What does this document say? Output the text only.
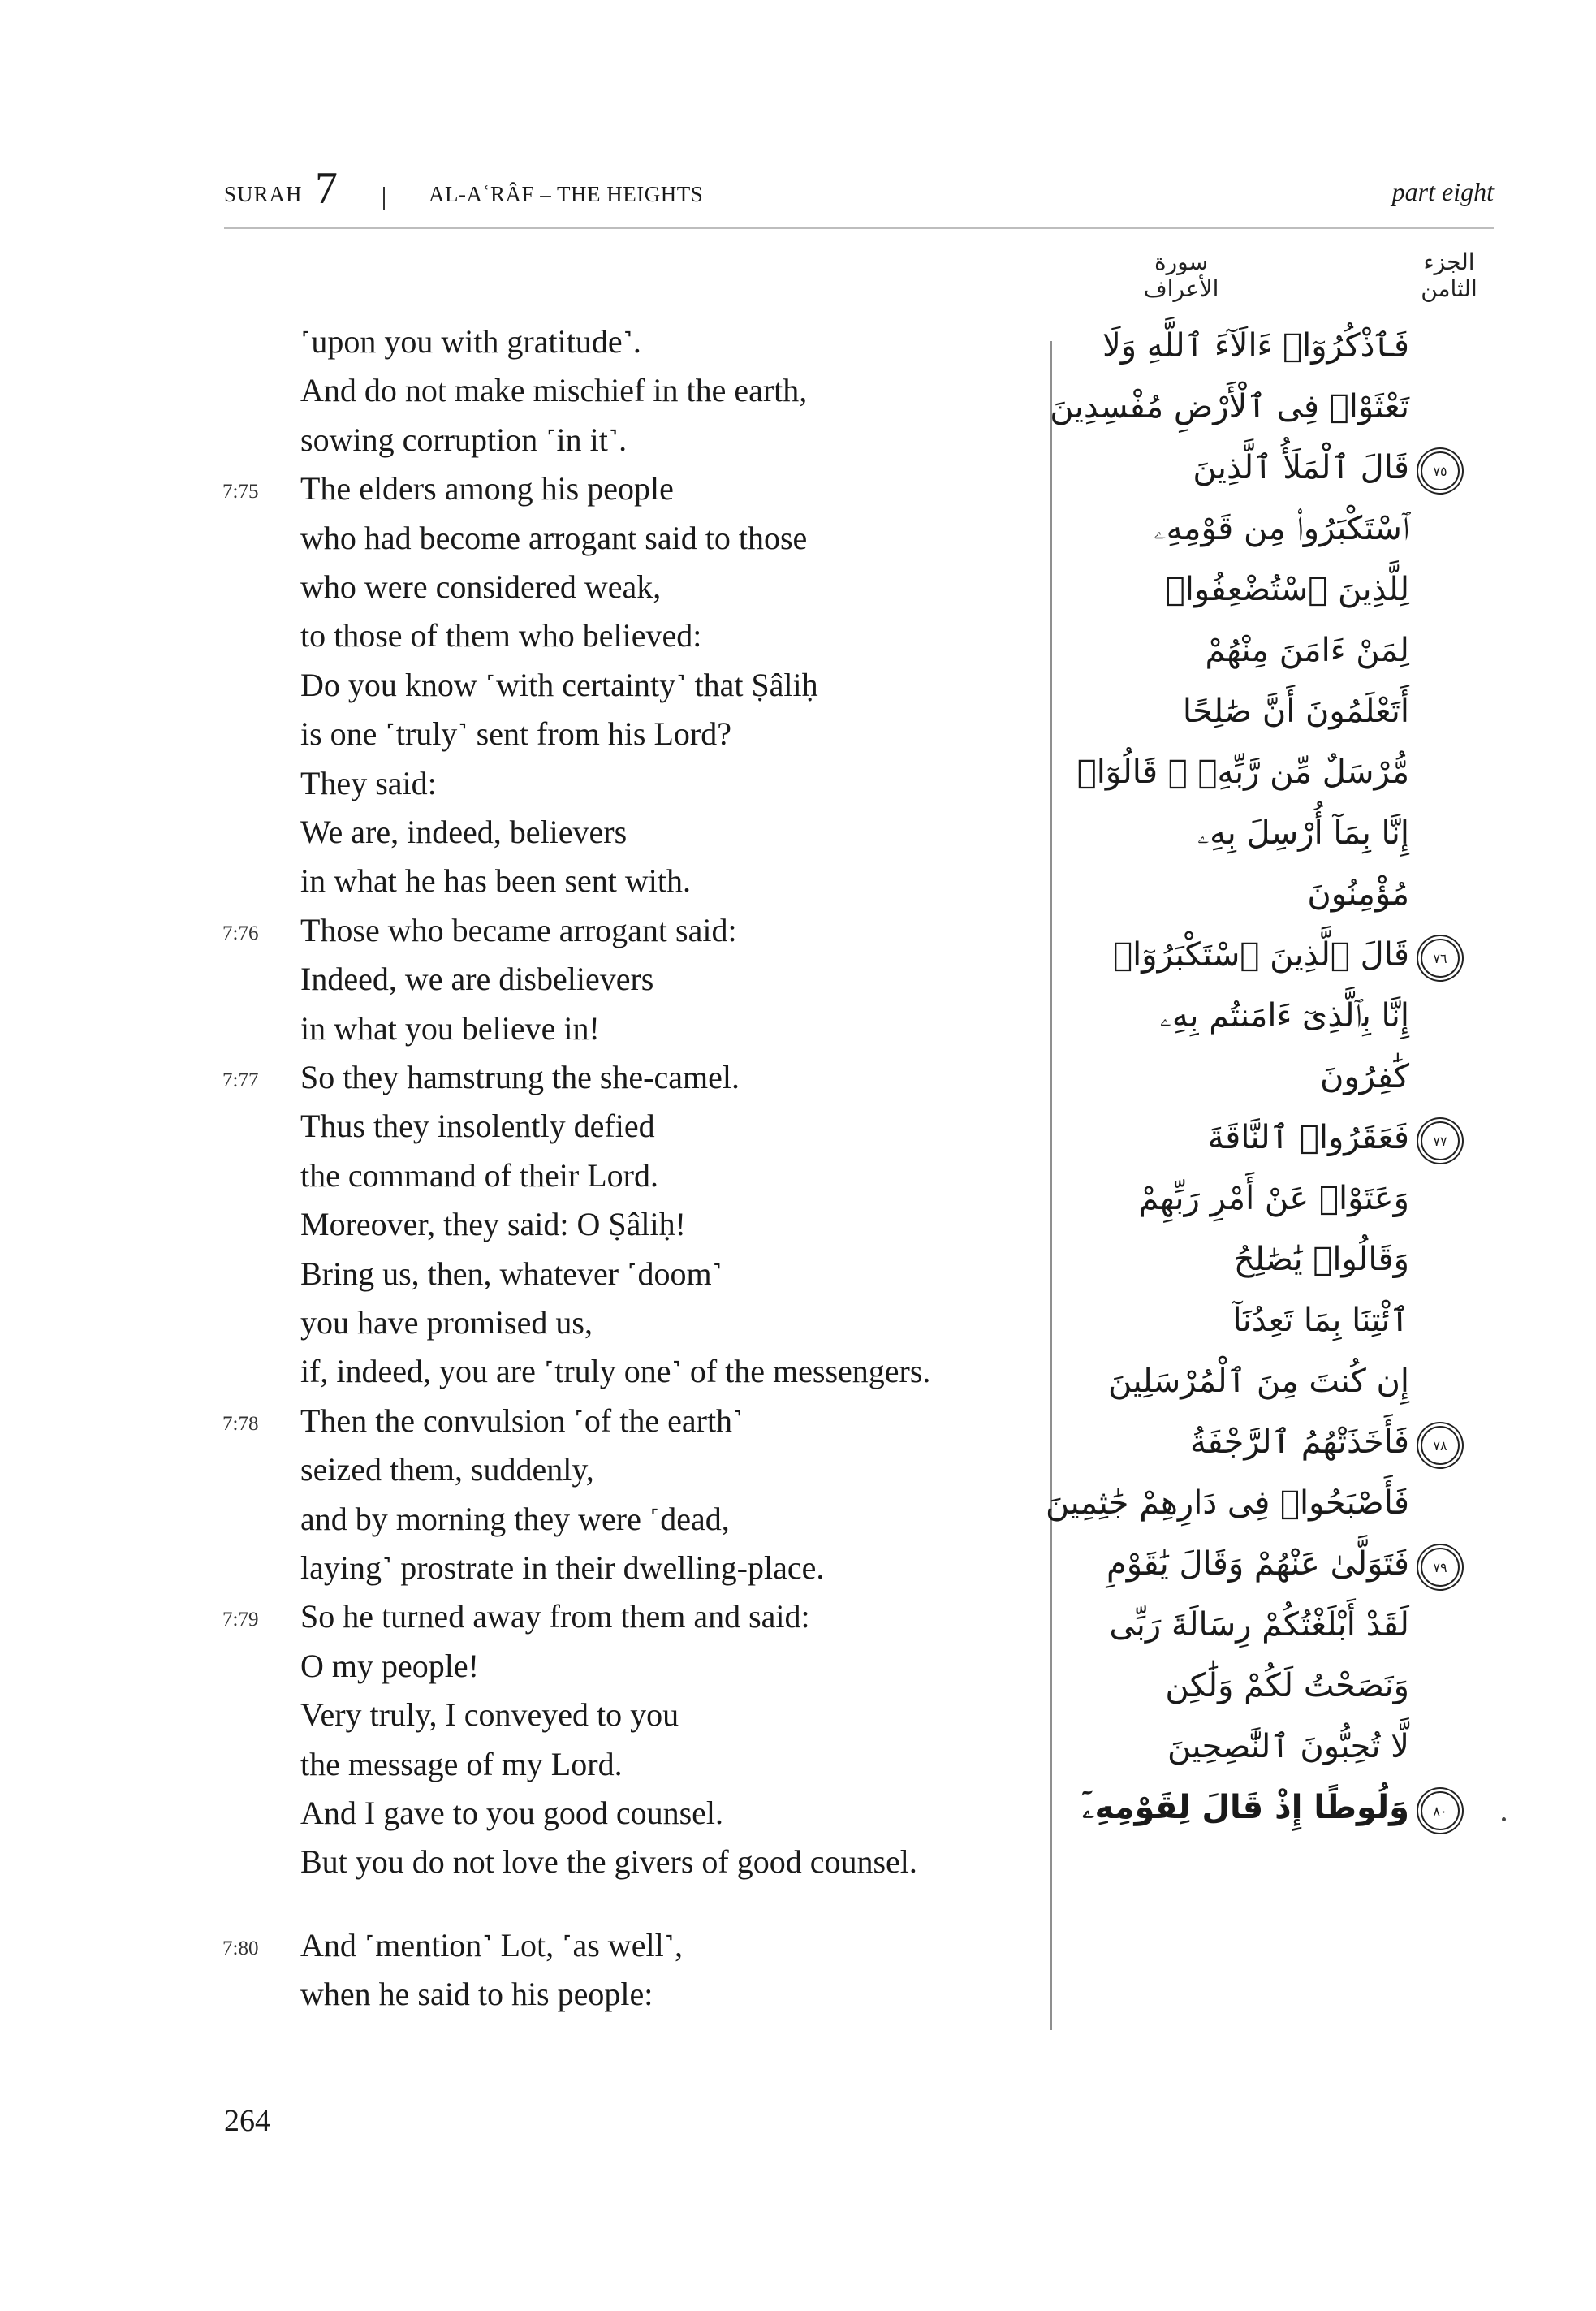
SURAH 7	AL-AʿRÂF – THE HEIGHTS	part eight
الجزء الثامن
سورة الأعراف
˹upon you with gratitude˺.
And do not make mischief in the earth,
sowing corruption ˹in it˺.
7:75 The elders among his people
who had become arrogant said to those
who were considered weak,
to those of them who believed:
Do you know ˹with certainty˺ that Ṣâliḥ
is one ˹truly˺ sent from his Lord?
They said:
We are, indeed, believers
in what he has been sent with.
7:76 Those who became arrogant said:
Indeed, we are disbelievers
in what you believe in!
7:77 So they hamstrung the she-camel.
Thus they insolently defied
the command of their Lord.
Moreover, they said: O Ṣâliḥ!
Bring us, then, whatever ˹doom˺
you have promised us,
if, indeed, you are ˹truly one˺ of the messengers.
7:78 Then the convulsion ˹of the earth˺
seized them, suddenly,
and by morning they were ˹dead,
laying˺ prostrate in their dwelling-place.
7:79 So he turned away from them and said:
O my people!
Very truly, I conveyed to you
the message of my Lord.
And I gave to you good counsel.
But you do not love the givers of good counsel.
7:80 And ˹mention˺ Lot, ˹as well˺,
when he said to his people:
فَٱذْكُرُوٓا۟ ءَالَآءَ ٱللَّهِ وَلَا
تَعْثَوْا۟ فِى ٱلْأَرْضِ مُفْسِدِينَ
قَالَ ٱلْمَلَأُ ٱلَّذِينَ	٧٥
ٱسْتَكْبَرُوا۟ مِن قَوْمِهِۦ
لِلَّذِينَ ٱسْتُضْعِفُوا۟
لِمَنْ ءَامَنَ مِنْهُمْ
أَتَعْلَمُونَ أَنَّ صَٰلِحًا
مُّرْسَلٌ مِّن رَّبِّهِۦ ۚ قَالُوٓا۟
إِنَّا بِمَآ أُرْسِلَ بِهِۦ
مُؤْمِنُونَ
قَالَ ٱلَّذِينَ ٱسْتَكْبَرُوٓا۟	٧٦
إِنَّا بِٱلَّذِىٓ ءَامَنتُم بِهِۦ
كَٰفِرُونَ
فَعَقَرُوا۟ ٱلنَّاقَةَ	٧٧
وَعَتَوْا۟ عَنْ أَمْرِ رَبِّهِمْ
وَقَالُوا۟ يَٰصَٰلِحُ
ٱئْتِنَا بِمَا تَعِدُنَآ
إِن كُنتَ مِنَ ٱلْمُرْسَلِينَ
فَأَخَذَتْهُمُ ٱلرَّجْفَةُ	٧٨
فَأَصْبَحُوا۟ فِى دَارِهِمْ جَٰثِمِينَ
فَتَوَلَّىٰ عَنْهُمْ وَقَالَ يَٰقَوْمِ	٧٩
لَقَدْ أَبْلَغْتُكُمْ رِسَالَةَ رَبِّى
وَنَصَحْتُ لَكُمْ وَلَٰكِن
لَّا تُحِبُّونَ ٱلنَّٰصِحِينَ
وَلُوطًا إِذْ قَالَ لِقَوْمِهِۦٓ	٨٠
264
